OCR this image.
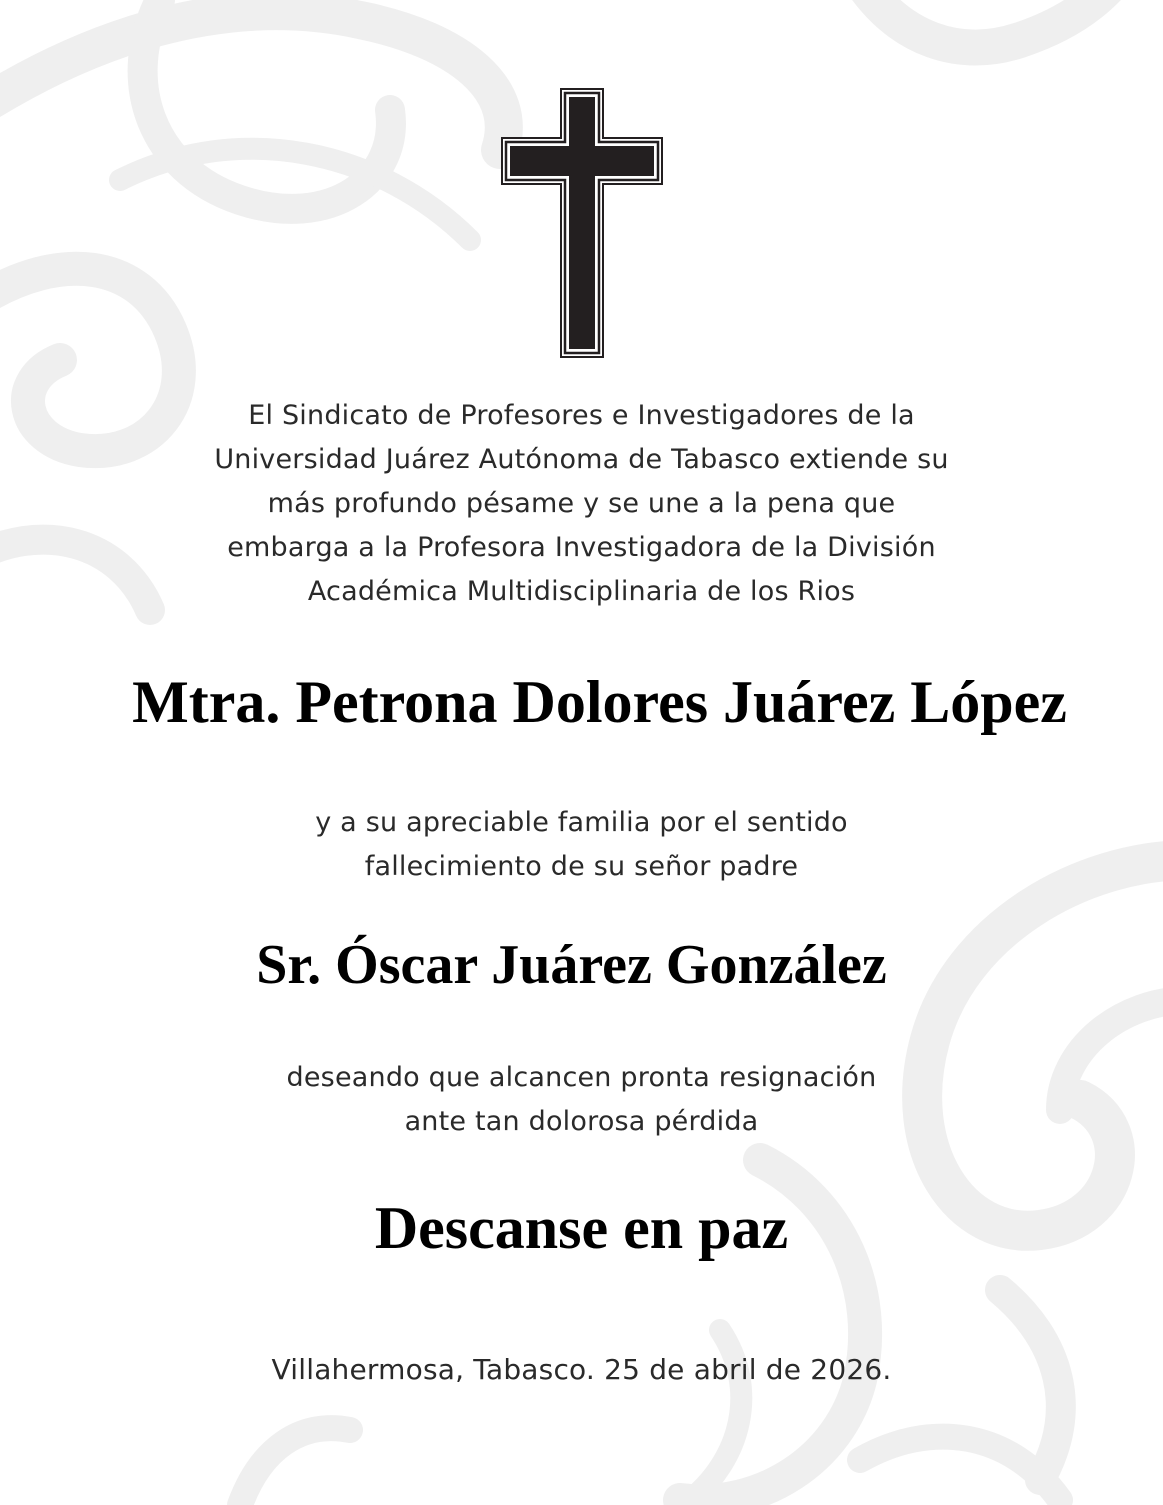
El Sindicato de Profesores e Investigadores de la
Universidad Juárez Autónoma de Tabasco extiende su
más profundo pésame y se une a la pena que
embarga a la Profesora Investigadora de la División
Académica Multidisciplinaria de los Rios
Mtra. Petrona Dolores Juárez López
y a su apreciable familia por el sentido
fallecimiento de su señor padre
Sr. Óscar Juárez González
deseando que alcancen pronta resignación
ante tan dolorosa pérdida
Descanse en paz
Villahermosa, Tabasco. 25 de abril de 2026.
